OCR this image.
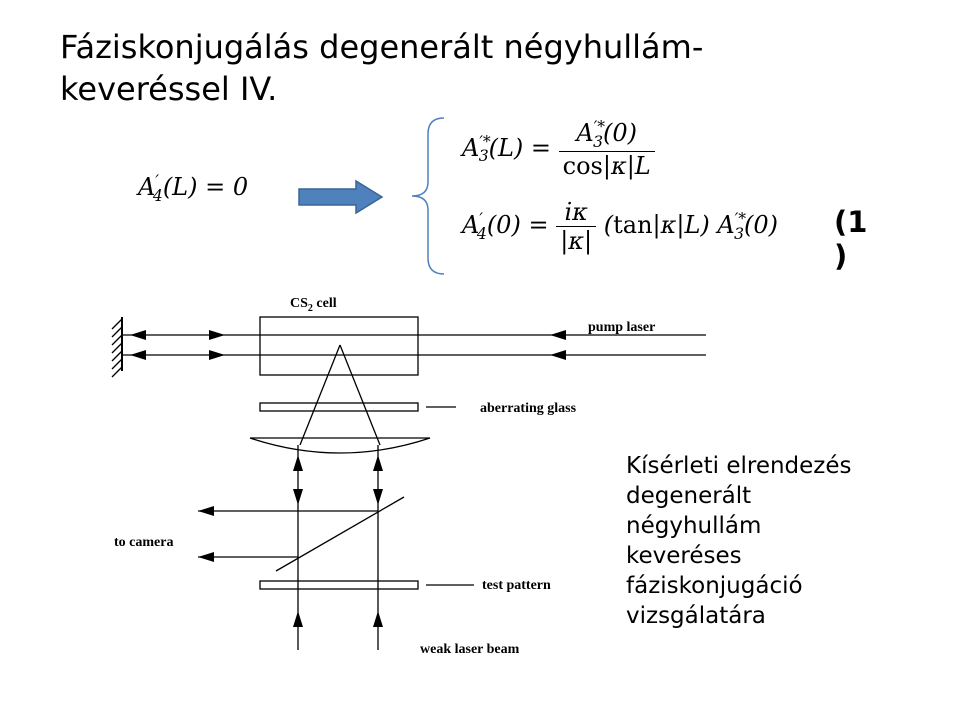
Fáziskonjugálás degenerált négyhullám-
keveréssel IV.
$A'_4(L) = 0$
$A^{'*}_3(L) = \frac{A^{'*}_3(0)}{\cos|\kappa|L}$
$A'_4(0) = \frac{i\kappa}{|\kappa|} (\tan|\kappa|L)$ $A^{'*}_3(0)$ (1
)
$CS_2$ cell
pump laser
aberrating glass
to camera
test pattern
weak laser beam
Kísérleti elrendezés
degenerált
négyhullám
keveréses
fáziskonjugáció
vizsgálatára
